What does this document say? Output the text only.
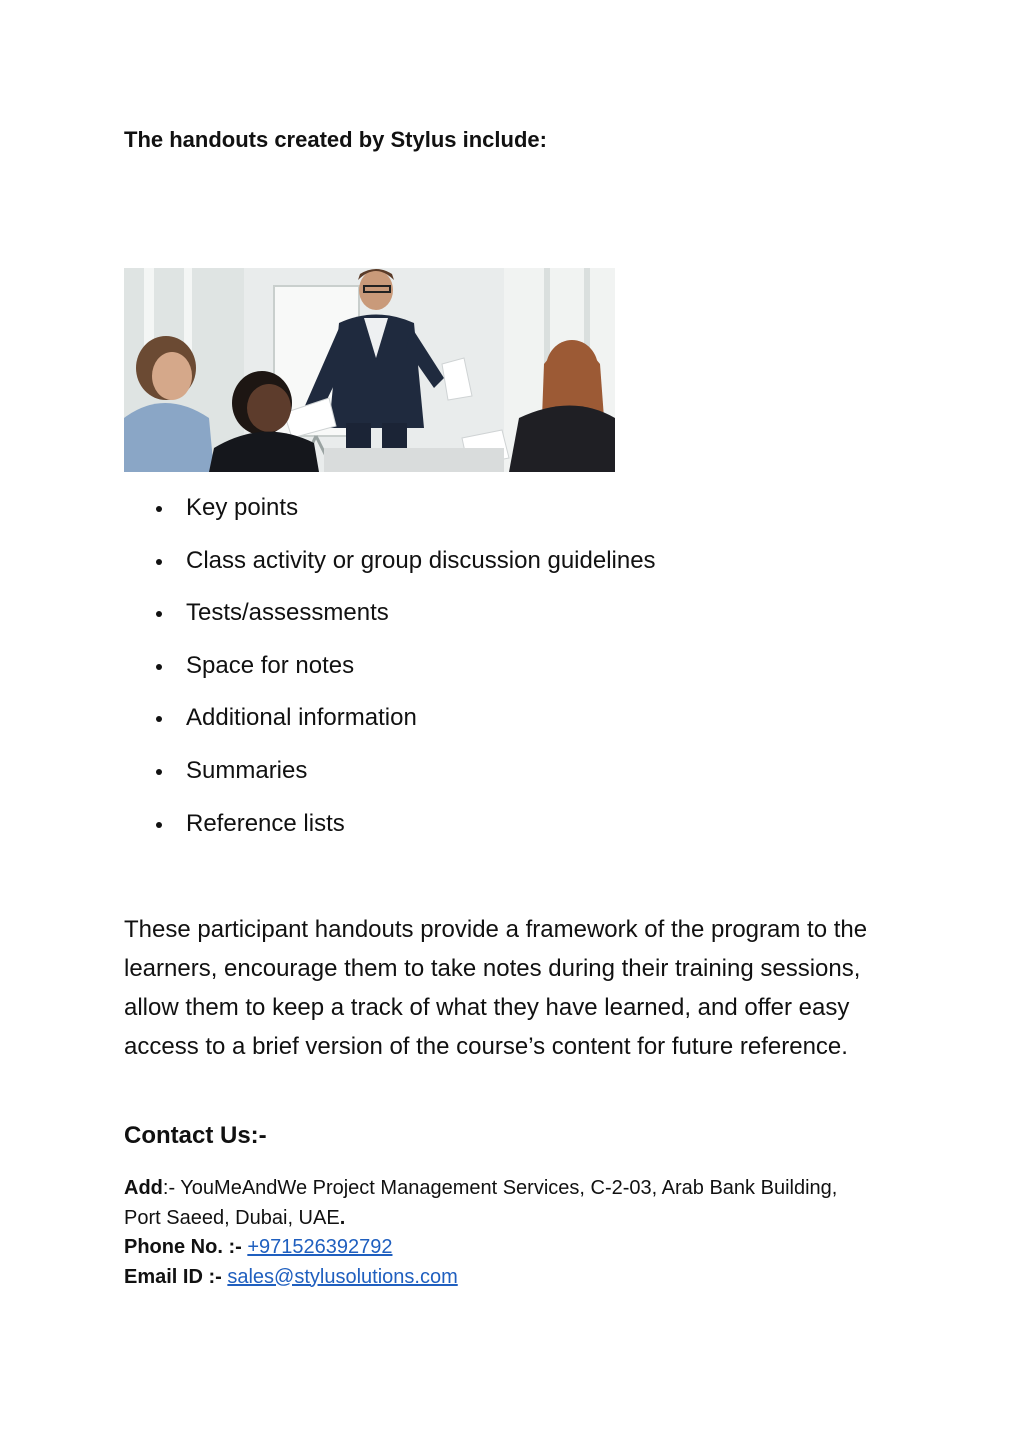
The handouts created by Stylus include:
Key points
Class activity or group discussion guidelines
Tests/assessments
Space for notes
Additional information
Summaries
Reference lists

These participant handouts provide a framework of the program to the learners, encourage them to take notes during their training sessions, allow them to keep a track of what they have learned, and offer easy access to a brief version of the course’s content for future reference.

Contact Us:-
Add:- YouMeAndWe Project Management Services, C-2-03, Arab Bank Building,
Port Saeed, Dubai, UAE.
Phone No. :- +971526392792
Email ID :- sales@stylusolutions.com
